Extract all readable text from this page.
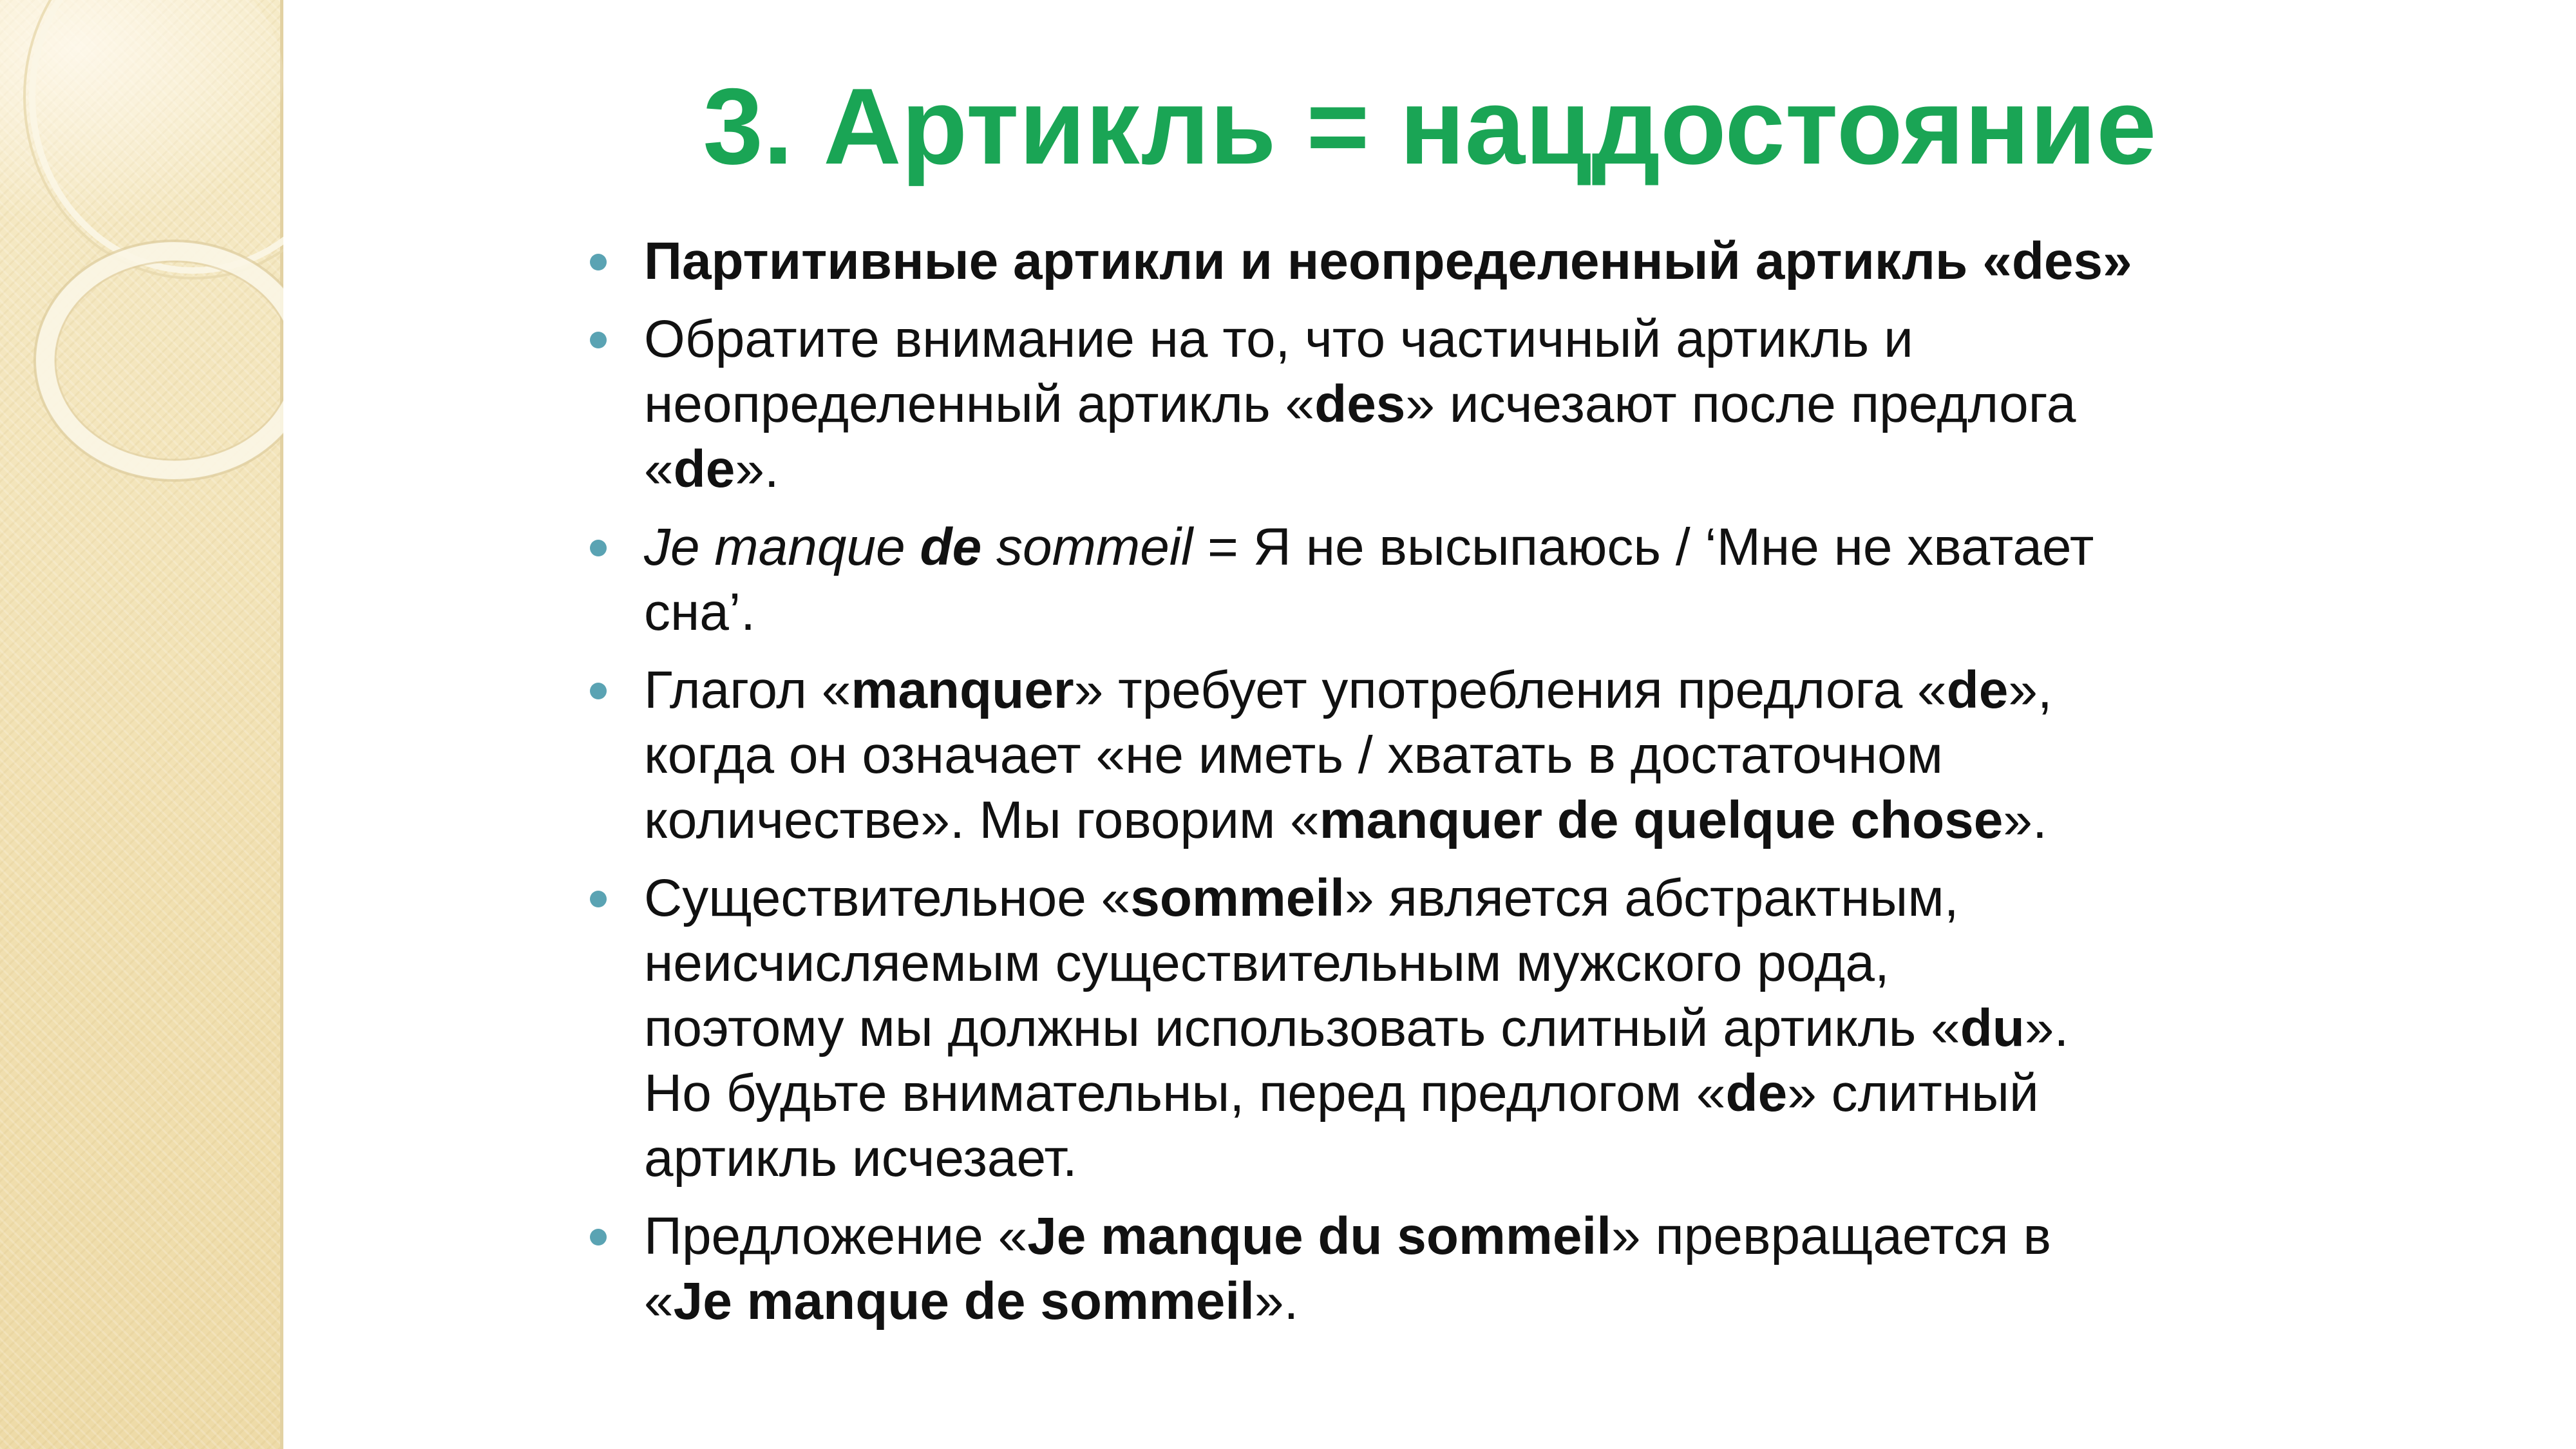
3. Артикль = нацдостояние
Партитивные артикли и неопределенный артикль «des»
Обратите внимание на то, что частичный артикль и
неопределенный артикль «des» исчезают после предлога
«de».
Je manque de sommeil = Я не высыпаюсь / ‘Мне не хватает
сна’.
Глагол «manquer» требует употребления предлога «de»,
когда он означает «не иметь / хватать в достаточном
количестве». Мы говорим «manquer de quelque chose».
Существительное «sommeil» является абстрактным,
неисчисляемым существительным мужского рода,
поэтому мы должны использовать слитный артикль «du».
Но будьте внимательны, перед предлогом «de» слитный
артикль исчезает.
Предложение «Je manque du sommeil» превращается в
«Je manque de sommeil».
